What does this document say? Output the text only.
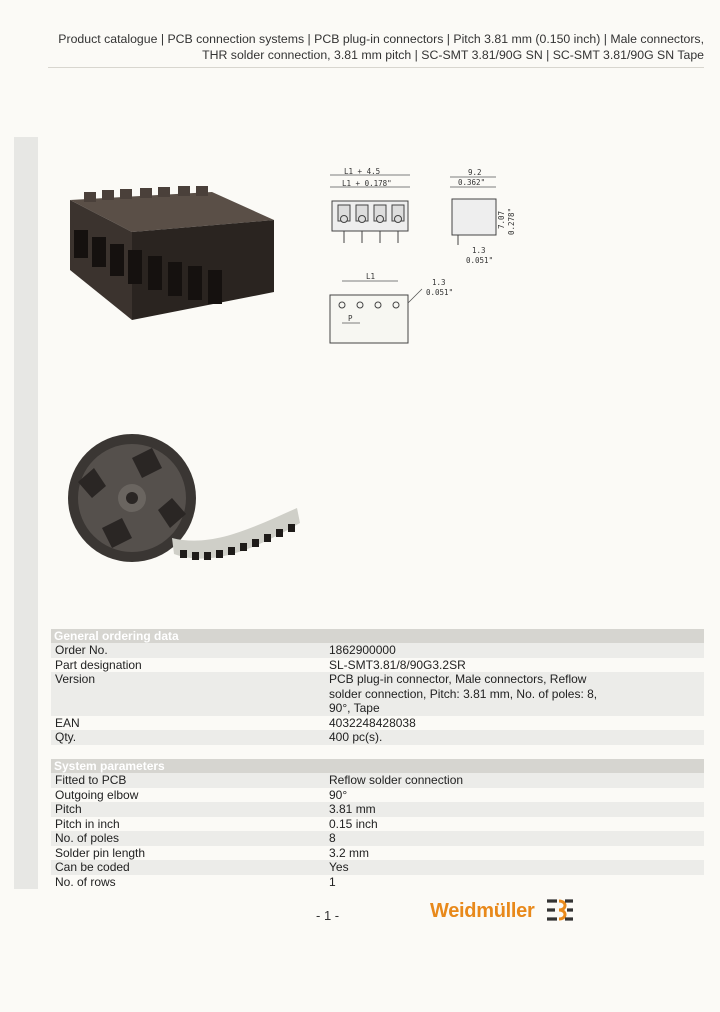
Product catalogue | PCB connection systems | PCB plug-in connectors | Pitch 3.81 mm (0.150 inch) | Male connectors,
THR solder connection, 3.81 mm pitch | SC-SMT 3.81/90G SN | SC-SMT 3.81/90G SN Tape
L1 + 4.5
L1 + 0.178"
L1
P
1.3
0.051"
9.2
0.362"
7.07 0.278"
1.3
0.051"
General ordering data
Order No.	1862900000
Part designation	SL-SMT3.81/8/90G3.2SR
Version	PCB plug-in connector, Male connectors, Reflow
solder connection, Pitch: 3.81 mm, No. of poles: 8,
90°, Tape
EAN	4032248428038
Qty.	400 pc(s).
System parameters
Fitted to PCB	Reflow solder connection
Outgoing elbow	90°
Pitch	3.81 mm
Pitch in inch	0.15 inch
No. of poles	8
Solder pin length	3.2 mm
Can be coded	Yes
No. of rows	1
- 1 -	Weidmüller
